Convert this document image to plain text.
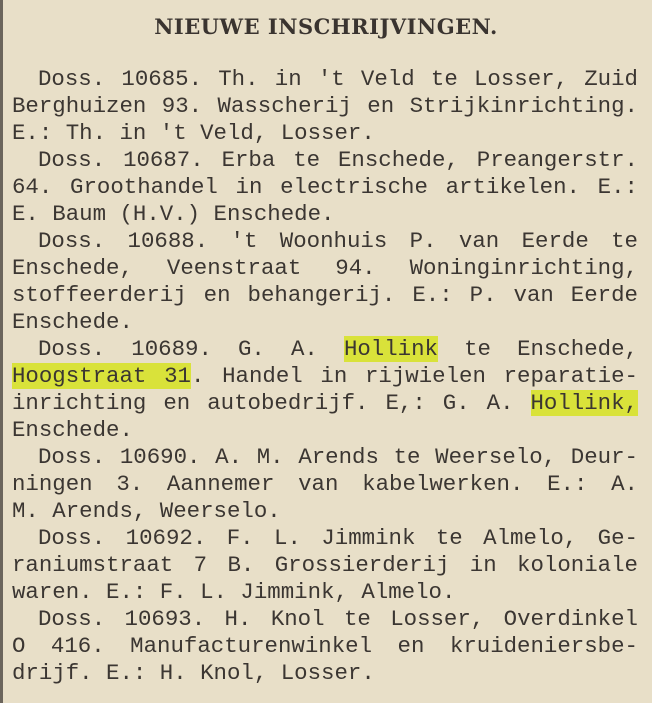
NIEUWE INSCHRIJVINGEN.
Doss. 10685. Th. in 't Veld te Losser, Zuid
Berghuizen 93. Wasscherij en Strijkinrichting.
E.: Th. in 't Veld, Losser.
Doss. 10687. Erba te Enschede, Preangerstr.
64. Groothandel in electrische artikelen. E.:
E. Baum (H.V.) Enschede.
Doss. 10688. 't Woonhuis P. van Eerde te
Enschede, Veenstraat 94. Woninginrichting,
stoffeerderij en behangerij. E.: P. van Eerde
Enschede.
Doss. 10689. G. A. Hollink te Enschede,
Hoogstraat 31. Handel in rijwielen reparatie-
inrichting en autobedrijf. E,: G. A. Hollink,
Enschede.
Doss. 10690. A. M. Arends te Weerselo, Deur-
ningen 3. Aannemer van kabelwerken. E.: A.
M. Arends, Weerselo.
Doss. 10692. F. L. Jimmink te Almelo, Ge-
raniumstraat 7 B. Grossierderij in koloniale
waren. E.: F. L. Jimmink, Almelo.
Doss. 10693. H. Knol te Losser, Overdinkel
O 416. Manufacturenwinkel en kruideniersbe-
drijf. E.: H. Knol, Losser.
